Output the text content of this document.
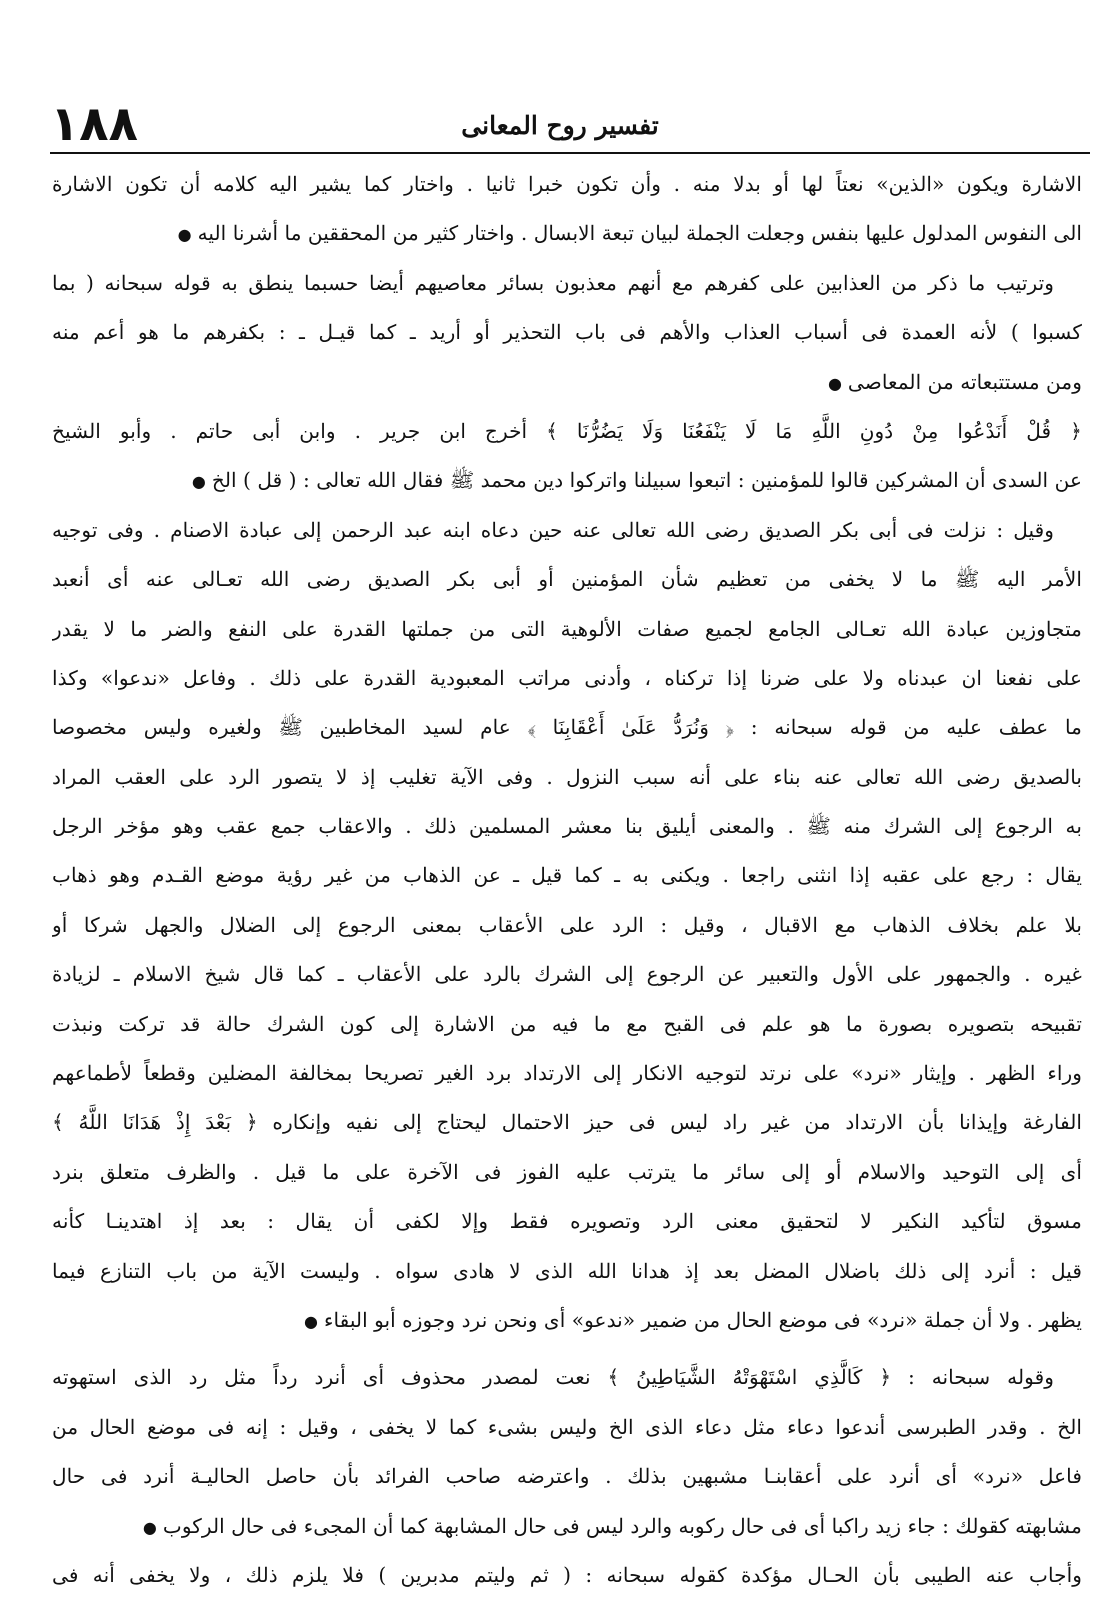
١٨٨	تفسير روح المعانى
الاشارة ويكون «الذين» نعتاً لها أو بدلا منه . وأن تكون خبرا ثانيا . واختار كما يشير اليه كلامه أن تكون الاشارة
الى النفوس المدلول عليها بنفس وجعلت الجملة لبيان تبعة الابسال . واختار كثير من المحققين ما أشرنا اليه●
وترتيب ما ذكر من العذابين على كفرهم مع أنهم معذبون بسائر معاصيهم أيضا حسبما ينطق به قوله سبحانه ( بما
كسبوا ) لأنه العمدة فى أسباب العذاب والأهم فى باب التحذير أو أريد ـ كما قيـل ـ : بكفرهم ما هو أعم منه
ومن مستتبعاته من المعاصى●
﴿ قُلْ أَنَدْعُوا مِنْ دُونِ اللَّهِ مَا لَا يَنْفَعُنَا وَلَا يَضُرُّنَا ﴾ أخرج ابن جرير . وابن أبى حاتم . وأبو الشيخ
عن السدى أن المشركين قالوا للمؤمنين : اتبعوا سبيلنا واتركوا دين محمد ﷺ فقال الله تعالى : ( قل ) الخ●
وقيل : نزلت فى أبى بكر الصديق رضى الله تعالى عنه حين دعاه ابنه عبد الرحمن إلى عبادة الاصنام . وفى توجيه
الأمر اليه ﷺ ما لا يخفى من تعظيم شأن المؤمنين أو أبى بكر الصديق رضى الله تعـالى عنه أى أنعبد
متجاوزين عبادة الله تعـالى الجامع لجميع صفات الألوهية التى من جملتها القدرة على النفع والضر ما لا يقدر
على نفعنا ان عبدناه ولا على ضرنا إذا تركناه ، وأدنى مراتب المعبودية القدرة على ذلك . وفاعل «ندعوا» وكذا
ما عطف عليه من قوله سبحانه : ﴿ وَنُرَدُّ عَلَىٰ أَعْقَابِنَا ﴾ عام لسيد المخاطبين ﷺ ولغيره وليس مخصوصا
بالصديق رضى الله تعالى عنه بناء على أنه سبب النزول . وفى الآية تغليب إذ لا يتصور الرد على العقب المراد
به الرجوع إلى الشرك منه ﷺ . والمعنى أيليق بنا معشر المسلمين ذلك . والاعقاب جمع عقب وهو مؤخر الرجل
يقال : رجع على عقبه إذا انثنى راجعا . ويكنى به ـ كما قيل ـ عن الذهاب من غير رؤية موضع القـدم وهو ذهاب
بلا علم بخلاف الذهاب مع الاقبال ، وقيل : الرد على الأعقاب بمعنى الرجوع إلى الضلال والجهل شركا أو
غيره . والجمهور على الأول والتعبير عن الرجوع إلى الشرك بالرد على الأعقاب ـ كما قال شيخ الاسلام ـ لزيادة
تقبيحه بتصويره بصورة ما هو علم فى القبح مع ما فيه من الاشارة إلى كون الشرك حالة قد تركت ونبذت
وراء الظهر . وإيثار «نرد» على نرتد لتوجيه الانكار إلى الارتداد برد الغير تصريحا بمخالفة المضلين وقطعاً لأطماعهم
الفارغة وإيذانا بأن الارتداد من غير راد ليس فى حيز الاحتمال ليحتاج إلى نفيه وإنكاره ﴿ بَعْدَ إِذْ هَدَانَا اللَّهُ ﴾
أى إلى التوحيد والاسلام أو إلى سائر ما يترتب عليه الفوز فى الآخرة على ما قيل . والظرف متعلق بنرد
مسوق لتأكيد النكير لا لتحقيق معنى الرد وتصويره فقط وإلا لكفى أن يقال : بعد إذ اهتدينـا كأنه
قيل : أنرد إلى ذلك باضلال المضل بعد إذ هدانا الله الذى لا هادى سواه . وليست الآية من باب التنازع فيما
يظهر . ولا أن جملة «نرد» فى موضع الحال من ضمير «ندعو» أى ونحن نرد وجوزه أبو البقاء●
وقوله سبحانه : ﴿ كَالَّذِي اسْتَهْوَتْهُ الشَّيَاطِينُ ﴾ نعت لمصدر محذوف أى أنرد رداً مثل رد الذى استهوته
الخ . وقدر الطبرسى أندعوا دعاء مثل دعاء الذى الخ وليس بشىء كما لا يخفى ، وقيل : إنه فى موضع الحال من
فاعل «نرد» أى أنرد على أعقابنـا مشبهين بذلك . واعترضه صاحب الفرائد بأن حاصل الحاليـة أنرد فى حال
مشابهته كقولك : جاء زيد راكبا أى فى حال ركوبه والرد ليس فى حال المشابهة كما أن المجىء فى حال الركوب●
وأجاب عنه الطيبى بأن الحـال مؤكدة كقوله سبحانه : ( ثم وليتم مدبرين ) فلا يلزم ذلك ، ولا يخفى أنه فى
